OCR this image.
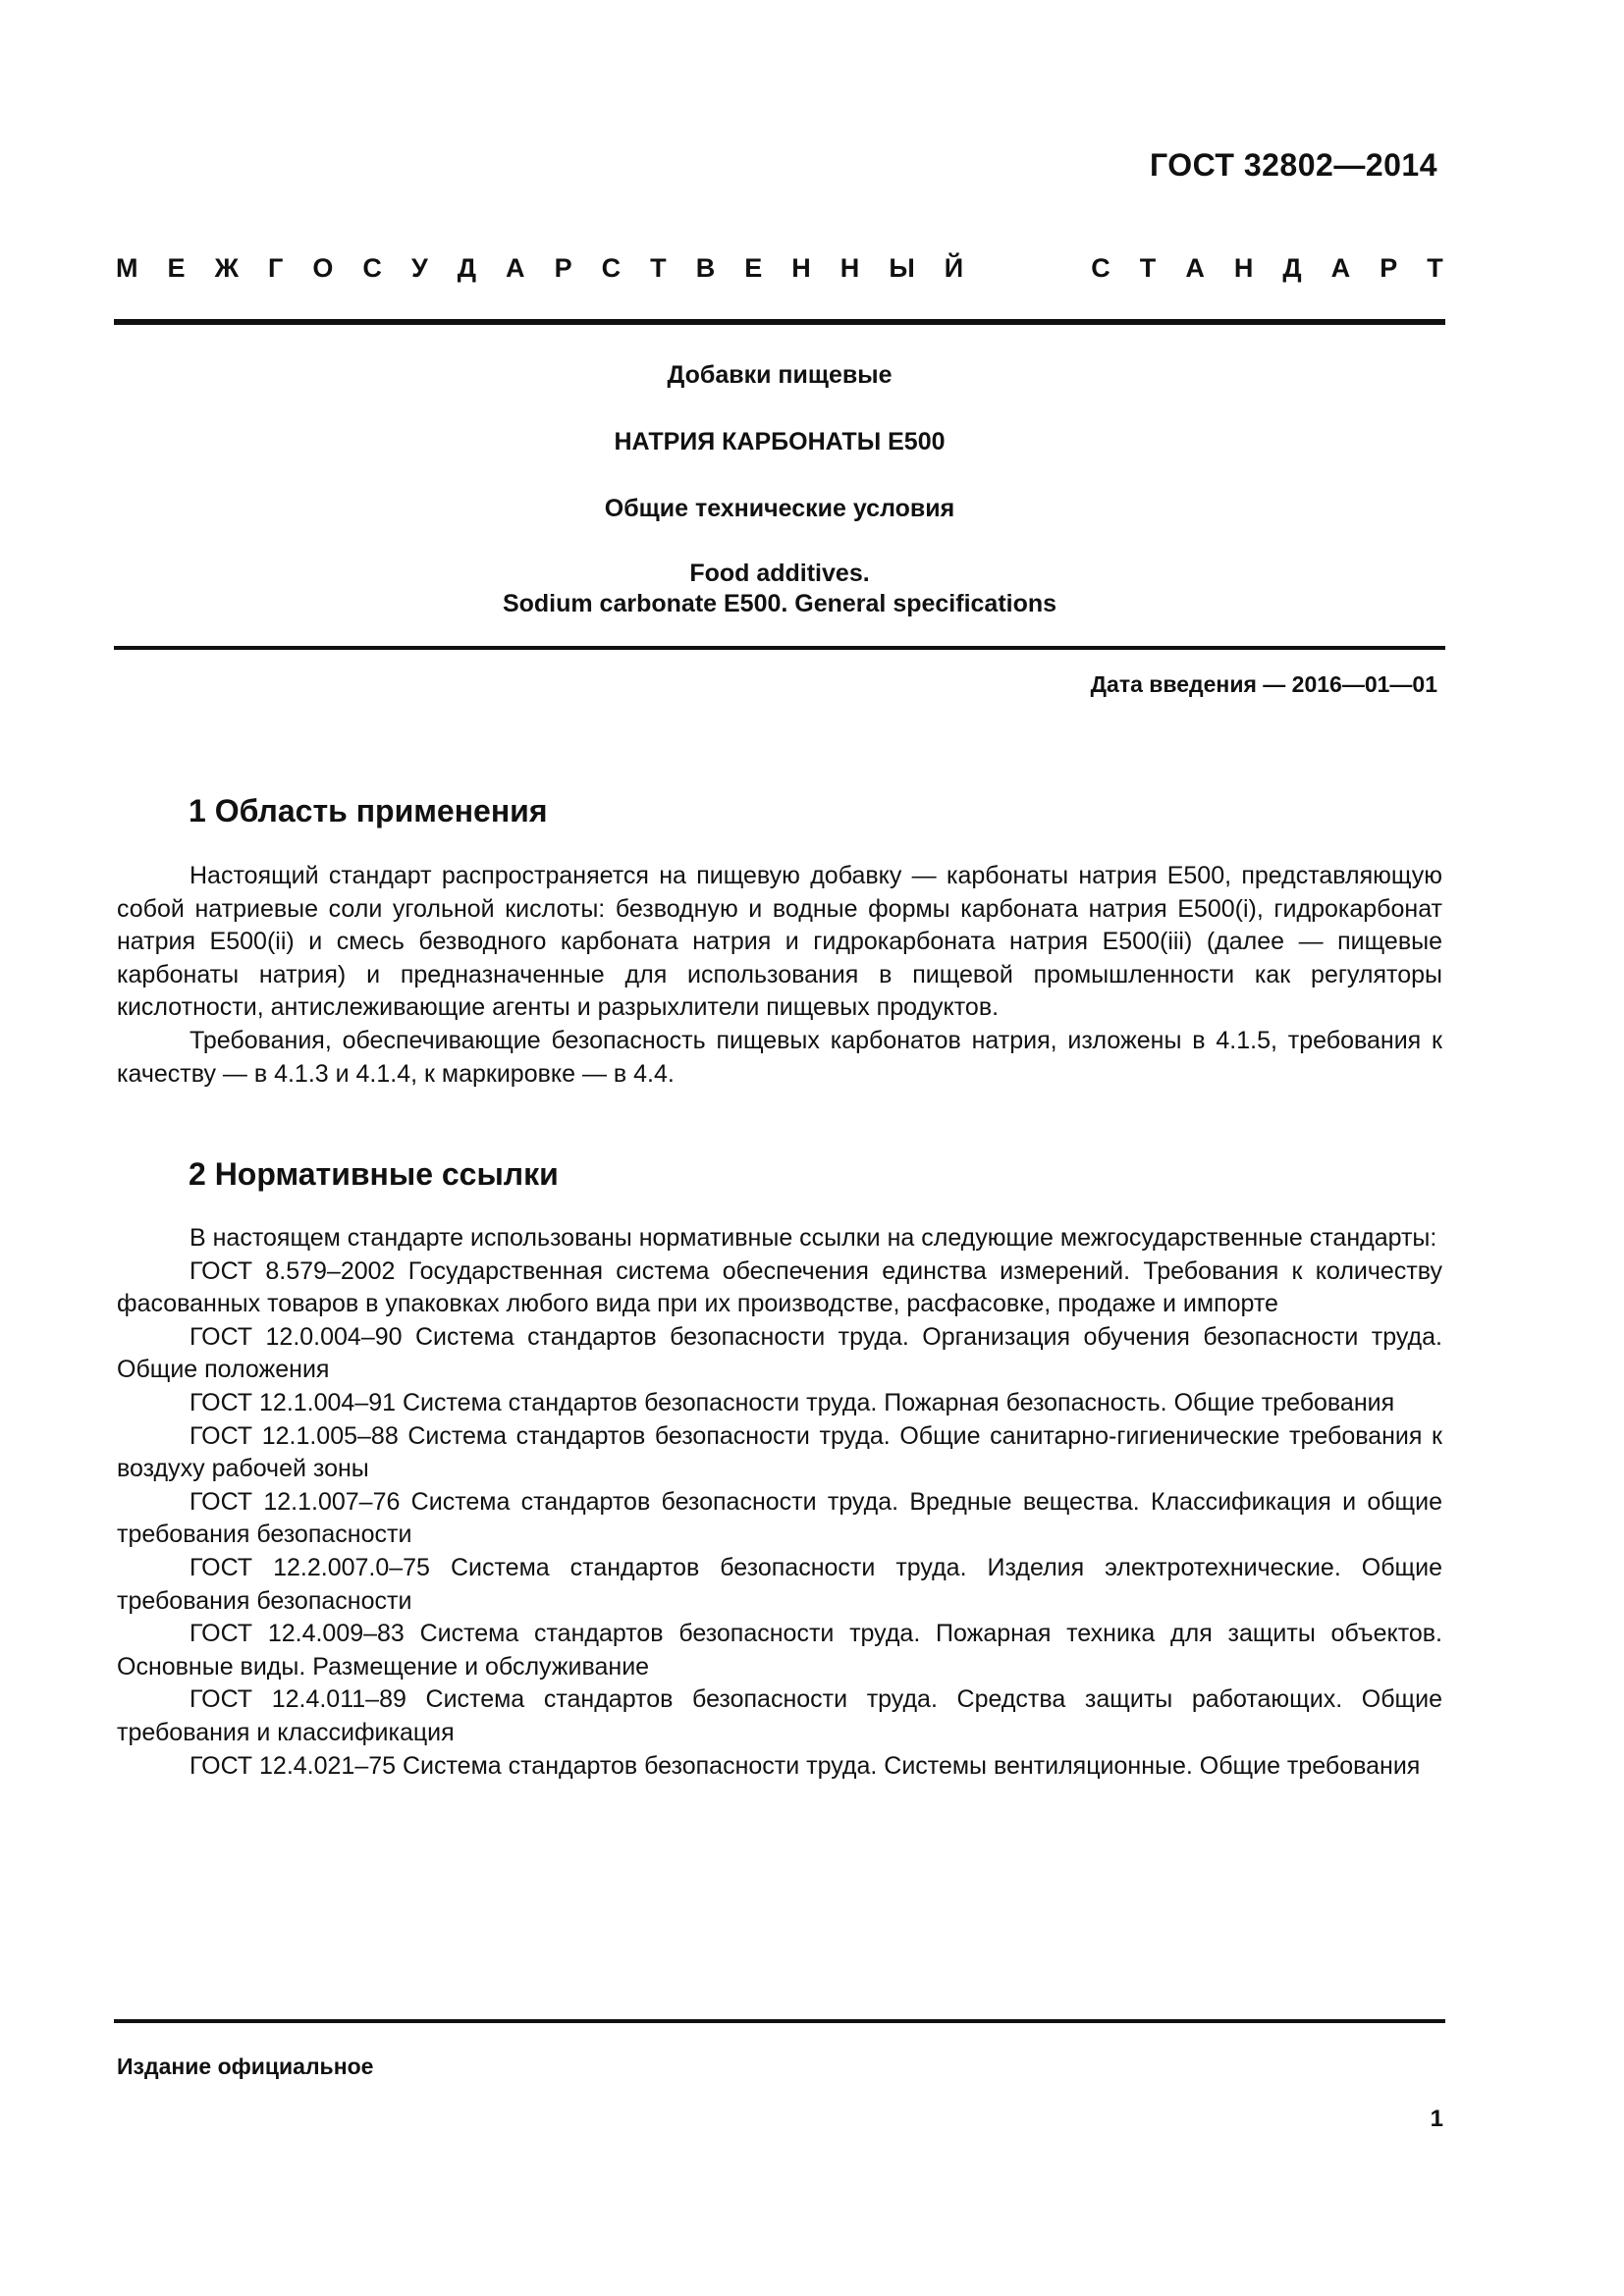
ГОСТ 32802—2014
М Е Ж Г О С У Д А Р С Т В Е Н Н Ы Й	С Т А Н Д А Р Т
Добавки пищевые
НАТРИЯ КАРБОНАТЫ Е500
Общие технические условия
Food additives.
Sodium carbonate E500. General specifications
Дата введения — 2016—01—01
1 Область применения

Настоящий стандарт распространяется на пищевую добавку — карбонаты натрия Е500, представляющую собой натриевые соли угольной кислоты: безводную и водные формы карбоната натрия Е500(i), гидрокарбонат натрия Е500(ii) и смесь безводного карбоната натрия и гидрокарбоната натрия Е500(iii) (далее — пищевые карбонаты натрия) и предназначенные для использования в пищевой промышленности как регуляторы кислотности, антислеживающие агенты и разрыхлители пищевых продуктов.

Требования, обеспечивающие безопасность пищевых карбонатов натрия, изложены в 4.1.5, требования к качеству — в 4.1.3 и 4.1.4, к маркировке — в 4.4.

2 Нормативные ссылки

В настоящем стандарте использованы нормативные ссылки на следующие межгосударственные стандарты:

ГОСТ 8.579–2002 Государственная система обеспечения единства измерений. Требования к количеству фасованных товаров в упаковках любого вида при их производстве, расфасовке, продаже и импорте

ГОСТ 12.0.004–90 Система стандартов безопасности труда. Организация обучения безопасности труда. Общие положения

ГОСТ 12.1.004–91 Система стандартов безопасности труда. Пожарная безопасность. Общие требования

ГОСТ 12.1.005–88 Система стандартов безопасности труда. Общие санитарно-гигиенические требования к воздуху рабочей зоны

ГОСТ 12.1.007–76 Система стандартов безопасности труда. Вредные вещества. Классификация и общие требования безопасности

ГОСТ 12.2.007.0–75 Система стандартов безопасности труда. Изделия электротехнические. Общие требования безопасности

ГОСТ 12.4.009–83 Система стандартов безопасности труда. Пожарная техника для защиты объектов. Основные виды. Размещение и обслуживание

ГОСТ 12.4.011–89 Система стандартов безопасности труда. Средства защиты работающих. Общие требования и классификация

ГОСТ 12.4.021–75 Система стандартов безопасности труда. Системы вентиляционные. Общие требования

Издание официальное
1
